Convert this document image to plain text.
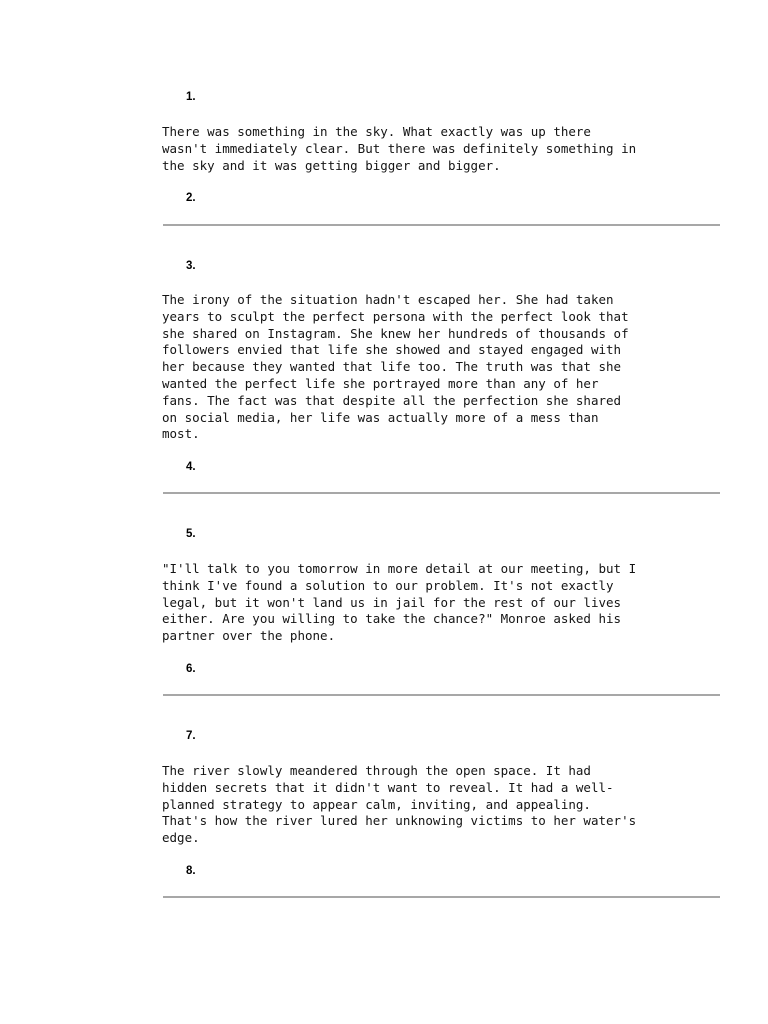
1.

There was something in the sky. What exactly was up there
wasn't immediately clear. But there was definitely something in
the sky and it was getting bigger and bigger.

2.
3.

The irony of the situation hadn't escaped her. She had taken
years to sculpt the perfect persona with the perfect look that
she shared on Instagram. She knew her hundreds of thousands of
followers envied that life she showed and stayed engaged with
her because they wanted that life too. The truth was that she
wanted the perfect life she portrayed more than any of her
fans. The fact was that despite all the perfection she shared
on social media, her life was actually more of a mess than
most.

4.
5.

"I'll talk to you tomorrow in more detail at our meeting, but I
think I've found a solution to our problem. It's not exactly
legal, but it won't land us in jail for the rest of our lives
either. Are you willing to take the chance?" Monroe asked his
partner over the phone.

6.
7.

The river slowly meandered through the open space. It had
hidden secrets that it didn't want to reveal. It had a well-
planned strategy to appear calm, inviting, and appealing.
That's how the river lured her unknowing victims to her water's
edge.

8.
